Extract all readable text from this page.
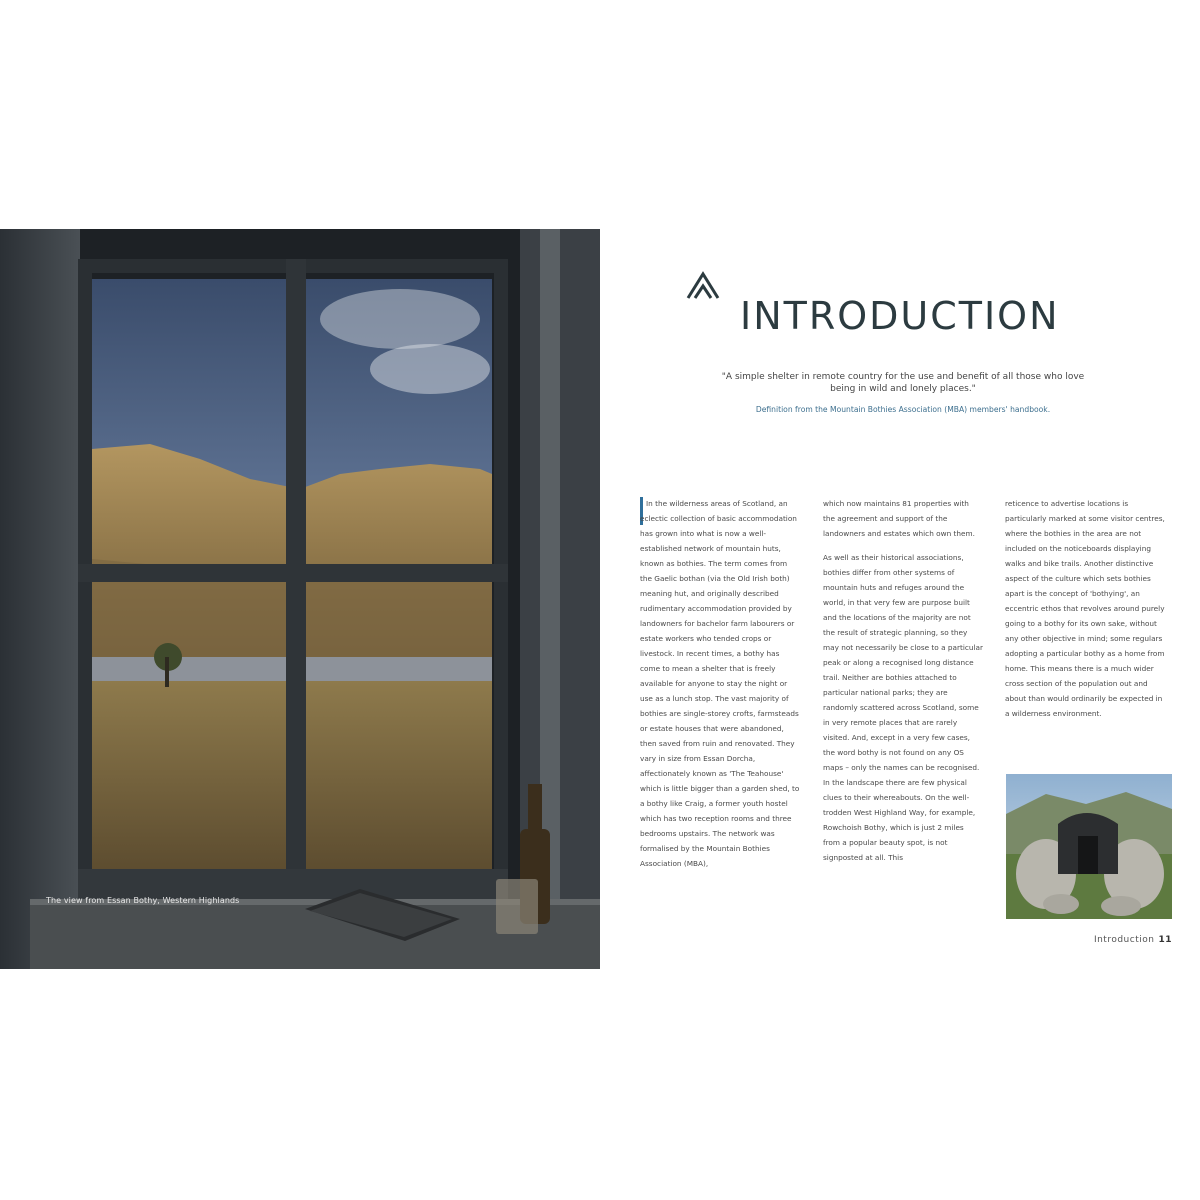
The view from Essan Bothy, Western Highlands
INTRODUCTION

"A simple shelter in remote country for the use and benefit of all those who love being in wild and lonely places."

Definition from the Mountain Bothies Association (MBA) members' handbook.

In the wilderness areas of Scotland, an eclectic collection of basic accommodation has grown into what is now a well-established network of mountain huts, known as bothies. The term comes from the Gaelic bothan (via the Old Irish both) meaning hut, and originally described rudimentary accommodation provided by landowners for bachelor farm labourers or estate workers who tended crops or livestock. In recent times, a bothy has come to mean a shelter that is freely available for anyone to stay the night or use as a lunch stop. The vast majority of bothies are single-storey crofts, farmsteads or estate houses that were abandoned, then saved from ruin and renovated. They vary in size from Essan Dorcha, affectionately known as 'The Teahouse' which is little bigger than a garden shed, to a bothy like Craig, a former youth hostel which has two reception rooms and three bedrooms upstairs. The network was formalised by the Mountain Bothies Association (MBA),

which now maintains 81 properties with the agreement and support of the landowners and estates which own them.

As well as their historical associations, bothies differ from other systems of mountain huts and refuges around the world, in that very few are purpose built and the locations of the majority are not the result of strategic planning, so they may not necessarily be close to a particular peak or along a recognised long distance trail. Neither are bothies attached to particular national parks; they are randomly scattered across Scotland, some in very remote places that are rarely visited. And, except in a very few cases, the word bothy is not found on any OS maps – only the names can be recognised. In the landscape there are few physical clues to their whereabouts. On the well-trodden West Highland Way, for example, Rowchoish Bothy, which is just 2 miles from a popular beauty spot, is not signposted at all. This

reticence to advertise locations is particularly marked at some visitor centres, where the bothies in the area are not included on the noticeboards displaying walks and bike trails. Another distinctive aspect of the culture which sets bothies apart is the concept of 'bothying', an eccentric ethos that revolves around purely going to a bothy for its own sake, without any other objective in mind; some regulars adopting a particular bothy as a home from home. This means there is a much wider cross section of the population out and about than would ordinarily be expected in a wilderness environment.

Introduction 11
